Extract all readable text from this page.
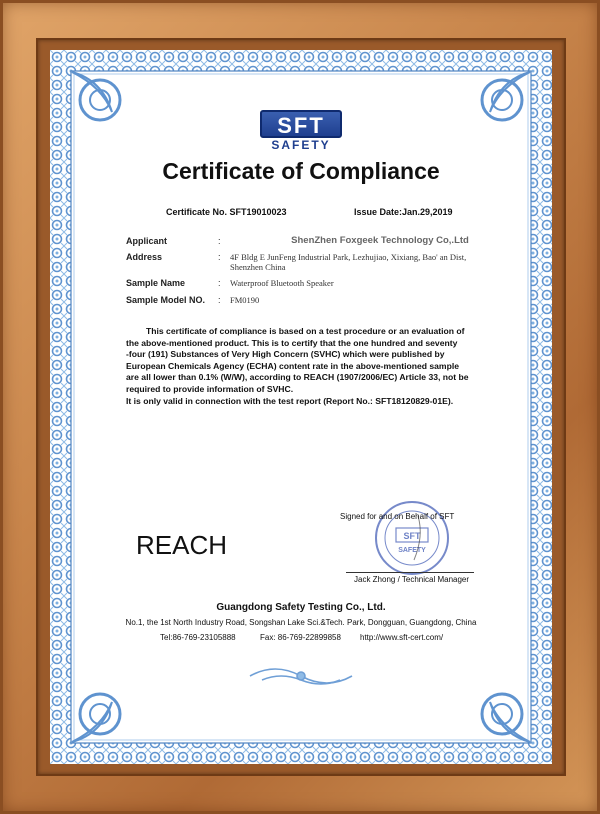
SFT
SAFETY
Certificate of Compliance
Certificate No. SFT19010023	Issue Date:Jan.29,2019
Applicant	:	ShenZhen Foxgeek Technology Co,.Ltd
Address	: 4F Bldg E JunFeng Industrial Park, Lezhujiao, Xixiang, Bao' an Dist, Shenzhen China
Sample Name	: Waterproof Bluetooth Speaker
Sample Model NO.	: FM0190

This certificate of compliance is based on a test procedure or an evaluation of

the above-mentioned product. This is to certify that the one hundred and seventy

-four (191) Substances of Very High Concern (SVHC) which were published by

European Chemicals Agency (ECHA) content rate in the above-mentioned sample

are all lower than 0.1% (W/W), according to REACH (1907/2006/EC) Article 33, not be

required to provide information of SVHC.

It is only valid in connection with the test report (Report No.: SFT18120829-01E).

REACH	SFT
SAFETY
Signed for and on Behalf of SFT
Jack Zhong / Technical Manager
Guangdong Safety Testing Co., Ltd.
No.1, the 1st North Industry Road, Songshan Lake Sci.&Tech. Park, Dongguan, Guangdong, China
Tel:86-769-23105888	Fax: 86-769-22899858 http://www.sft-cert.com/
